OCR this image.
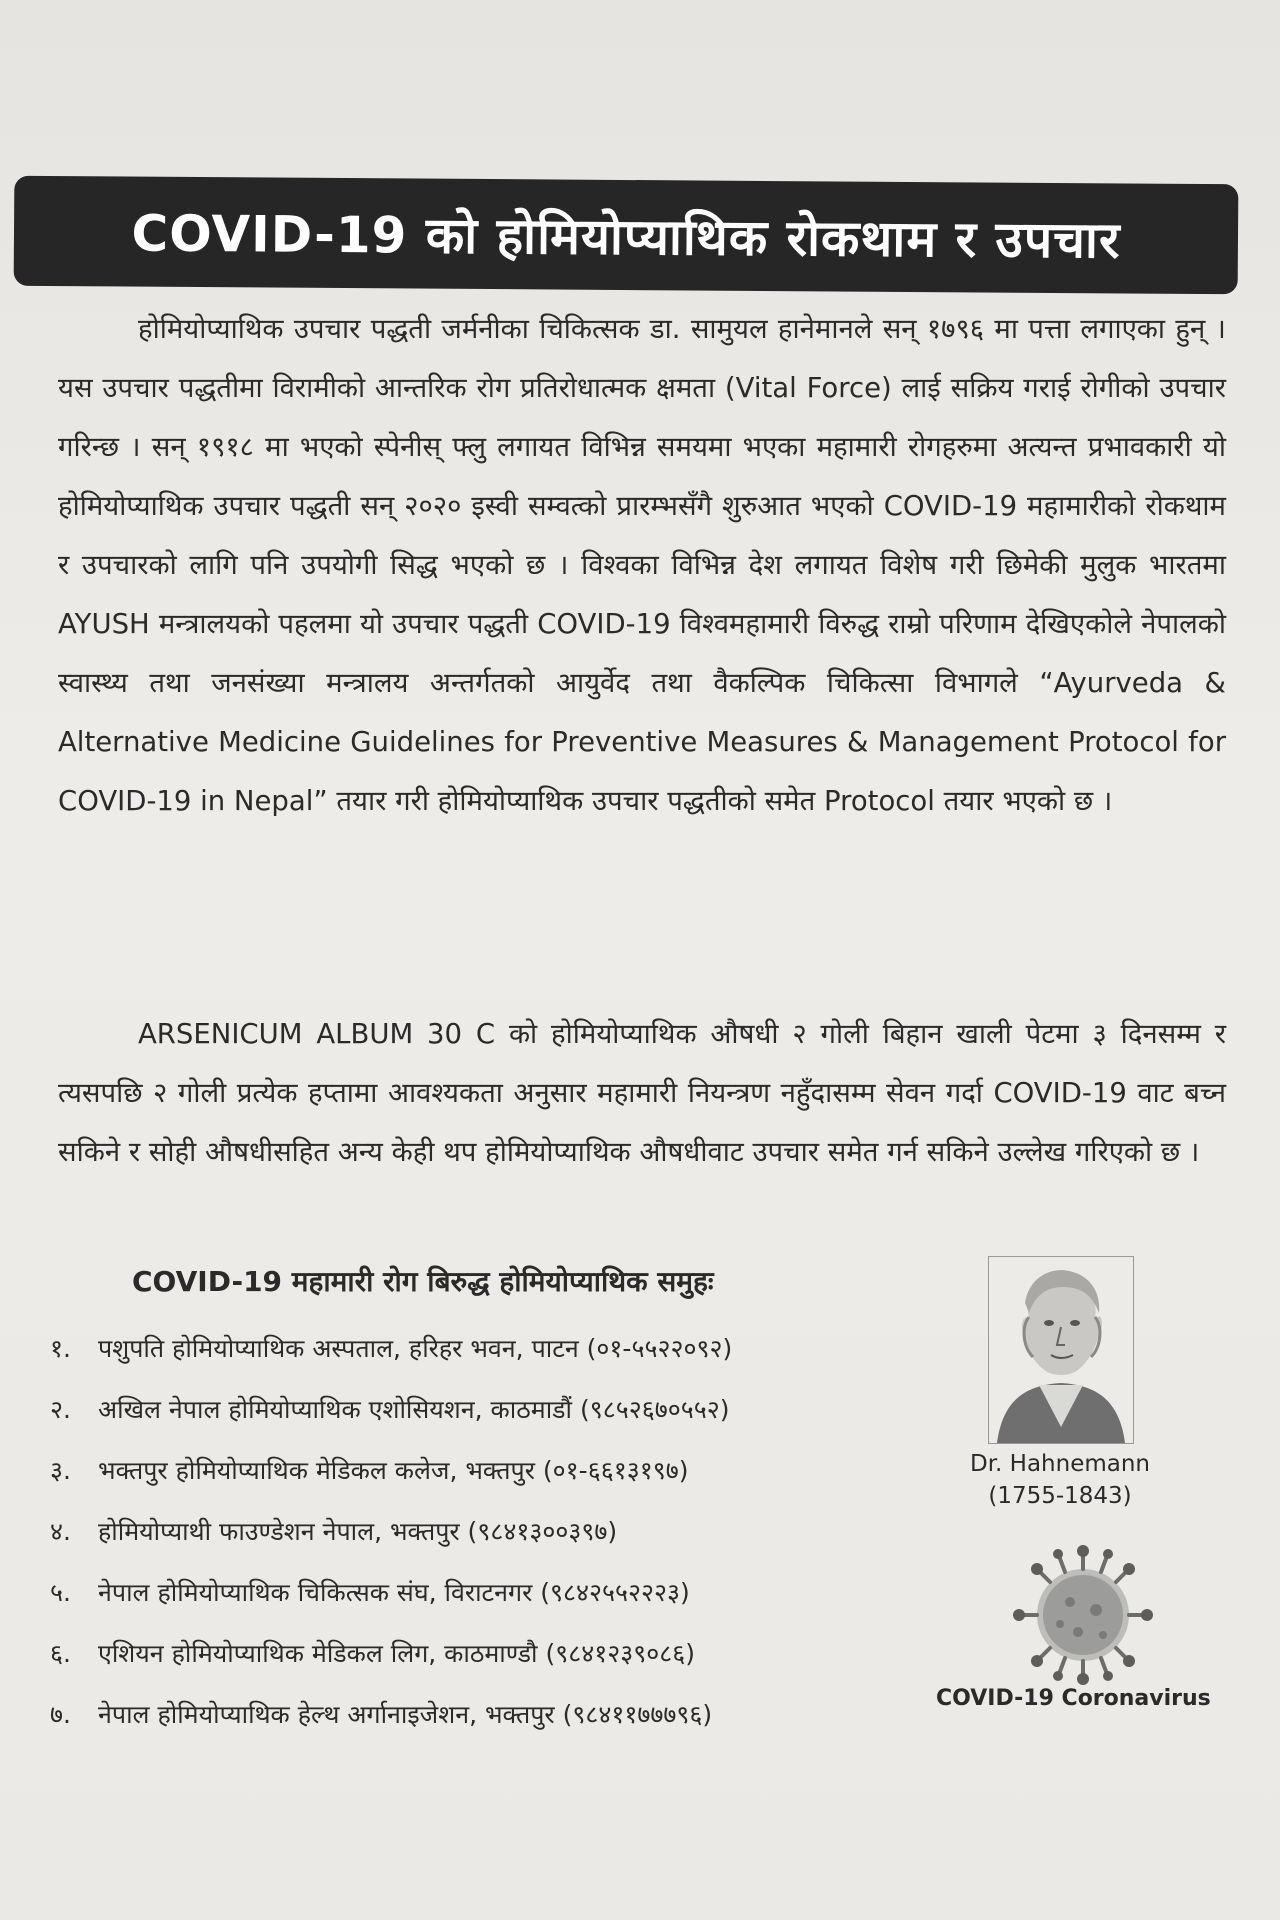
COVID-19 को होमियोप्याथिक रोकथाम र उपचार

होमियोप्याथिक उपचार पद्धती जर्मनीका चिकित्सक डा. सामुयल हानेमानले सन् १७९६ मा पत्ता लगाएका हुन् । यस उपचार पद्धतीमा विरामीको आन्तरिक रोग प्रतिरोधात्मक क्षमता (Vital Force) लाई सक्रिय गराई रोगीको उपचार गरिन्छ । सन् १९१८ मा भएको स्पेनीस् फ्लु लगायत विभिन्न समयमा भएका महामारी रोगहरुमा अत्यन्त प्रभावकारी यो होमियोप्याथिक उपचार पद्धती सन् २०२० इस्वी सम्वत्को प्रारम्भसँगै शुरुआत भएको COVID-19 महामारीको रोकथाम र उपचारको लागि पनि उपयोगी सिद्ध भएको छ । विश्वका विभिन्न देश लगायत विशेष गरी छिमेकी मुलुक भारतमा AYUSH मन्त्रालयको पहलमा यो उपचार पद्धती COVID-19 विश्वमहामारी विरुद्ध राम्रो परिणाम देखिएकोले नेपालको स्वास्थ्य तथा जनसंख्या मन्त्रालय अन्तर्गतको आयुर्वेद तथा वैकल्पिक चिकित्सा विभागले “Ayurveda & Alternative Medicine Guidelines for Preventive Measures & Management Protocol for COVID-19 in Nepal” तयार गरी होमियोप्याथिक उपचार पद्धतीको समेत Protocol तयार भएको छ ।

ARSENICUM ALBUM 30 C को होमियोप्याथिक औषधी २ गोली बिहान खाली पेटमा ३ दिनसम्म र त्यसपछि २ गोली प्रत्येक हप्तामा आवश्यकता अनुसार महामारी नियन्त्रण नहुँदासम्म सेवन गर्दा COVID-19 वाट बच्न सकिने र सोही औषधीसहित अन्य केही थप होमियोप्याथिक औषधीवाट उपचार समेत गर्न सकिने उल्लेख गरिएको छ ।

COVID-19 महामारी रोग बिरुद्ध होमियोप्याथिक समुहः
१. पशुपति होमियोप्याथिक अस्पताल, हरिहर भवन, पाटन (०१-५५२२०९२)
२. अखिल नेपाल होमियोप्याथिक एशोसियशन, काठमाडौं (९८५२६७०५५२)
३. भक्तपुर होमियोप्याथिक मेडिकल कलेज, भक्तपुर (०१-६६१३१९७)
४. होमियोप्याथी फाउण्डेशन नेपाल, भक्तपुर (९८४१३००३९७)
५. नेपाल होमियोप्याथिक चिकित्सक संघ, विराटनगर (९८४२५५२२२३)
६. एशियन होमियोप्याथिक मेडिकल लिग, काठमाण्डौ (९८४१२३९०८६)
७. नेपाल होमियोप्याथिक हेल्थ अर्गानाइजेशन, भक्तपुर (९८४११७७७९६)
Dr. Hahnemann
(1755-1843)
COVID-19 Coronavirus
